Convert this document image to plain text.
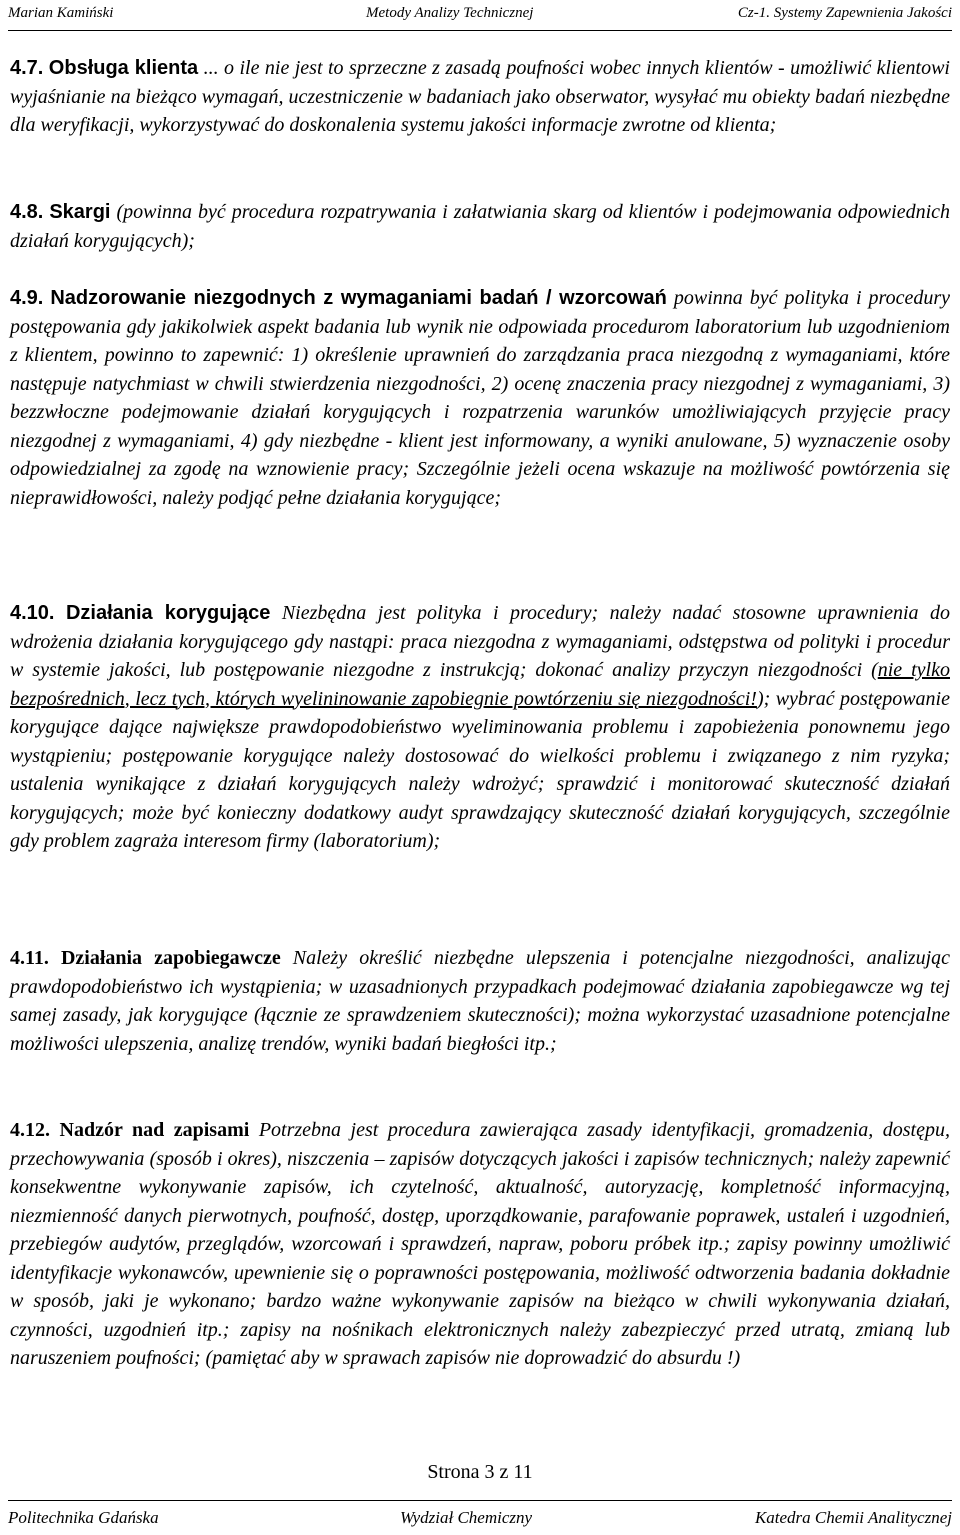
Marian Kamiński	Metody Analizy Technicznej	Cz-1. Systemy Zapewnienia Jakości

4.7. Obsługa klienta ... o ile nie jest to sprzeczne z zasadą poufności wobec innych klientów - umożliwić klientowi wyjaśnianie na bieżąco wymagań, uczestniczenie w badaniach jako obserwator, wysyłać mu obiekty badań niezbędne dla weryfikacji, wykorzystywać do doskonalenia systemu jakości informacje zwrotne od klienta;

4.8. Skargi (powinna być procedura rozpatrywania i załatwiania skarg od klientów i podejmowania odpowiednich działań korygujących);

4.9. Nadzorowanie niezgodnych z wymaganiami badań / wzorcowań powinna być polityka i procedury postępowania gdy jakikolwiek aspekt badania lub wynik nie odpowiada procedurom laboratorium lub uzgodnieniom z klientem, powinno to zapewnić: 1) określenie uprawnień do zarządzania praca niezgodną z wymaganiami, które następuje natychmiast w chwili stwierdzenia niezgodności, 2) ocenę znaczenia pracy niezgodnej z wymaganiami, 3) bezzwłoczne podejmowanie działań korygujących i rozpatrzenia warunków umożliwiających przyjęcie pracy niezgodnej z wymaganiami, 4) gdy niezbędne - klient jest informowany, a wyniki anulowane, 5) wyznaczenie osoby odpowiedzialnej za zgodę na wznowienie pracy; Szczególnie jeżeli ocena wskazuje na możliwość powtórzenia się nieprawidłowości, należy podjąć pełne działania korygujące;

4.10. Działania korygujące Niezbędna jest polityka i procedury; należy nadać stosowne uprawnienia do wdrożenia działania korygującego gdy nastąpi: praca niezgodna z wymaganiami, odstępstwa od polityki i procedur w systemie jakości, lub postępowanie niezgodne z instrukcją; dokonać analizy przyczyn niezgodności (nie tylko bezpośrednich, lecz tych, których wyelininowanie zapobiegnie powtórzeniu się niezgodności!); wybrać postępowanie korygujące dające największe prawdopodobieństwo wyeliminowania problemu i zapobieżenia ponownemu jego wystąpieniu; postępowanie korygujące należy dostosować do wielkości problemu i związanego z nim ryzyka; ustalenia wynikające z działań korygujących należy wdrożyć; sprawdzić i monitorować skuteczność działań korygujących; może być konieczny dodatkowy audyt sprawdzający skuteczność działań korygujących, szczególnie gdy problem zagraża interesom firmy (laboratorium);

4.11. Działania zapobiegawcze Należy określić niezbędne ulepszenia i potencjalne niezgodności, analizując prawdopodobieństwo ich wystąpienia; w uzasadnionych przypadkach podejmować działania zapobiegawcze wg tej samej zasady, jak korygujące (łącznie ze sprawdzeniem skuteczności); można wykorzystać uzasadnione potencjalne możliwości ulepszenia, analizę trendów, wyniki badań biegłości itp.;

4.12. Nadzór nad zapisami Potrzebna jest procedura zawierająca zasady identyfikacji, gromadzenia, dostępu, przechowywania (sposób i okres), niszczenia – zapisów dotyczących jakości i zapisów technicznych; należy zapewnić konsekwentne wykonywanie zapisów, ich czytelność, aktualność, autoryzację, kompletność informacyjną, niezmienność danych pierwotnych, poufność, dostęp, uporządkowanie, parafowanie poprawek, ustaleń i uzgodnień, przebiegów audytów, przeglądów, wzorcowań i sprawdzeń, napraw, poboru próbek itp.; zapisy powinny umożliwić identyfikacje wykonawców, upewnienie się o poprawności postępowania, możliwość odtworzenia badania dokładnie w sposób, jaki je wykonano; bardzo ważne wykonywanie zapisów na bieżąco w chwili wykonywania działań, czynności, uzgodnień itp.; zapisy na nośnikach elektronicznych należy zabezpieczyć przed utratą, zmianą lub naruszeniem poufności; (pamiętać aby w sprawach zapisów nie doprowadzić do absurdu !)

Strona 3 z 11
Politechnika Gdańska	Wydział Chemiczny	Katedra Chemii Analitycznej
